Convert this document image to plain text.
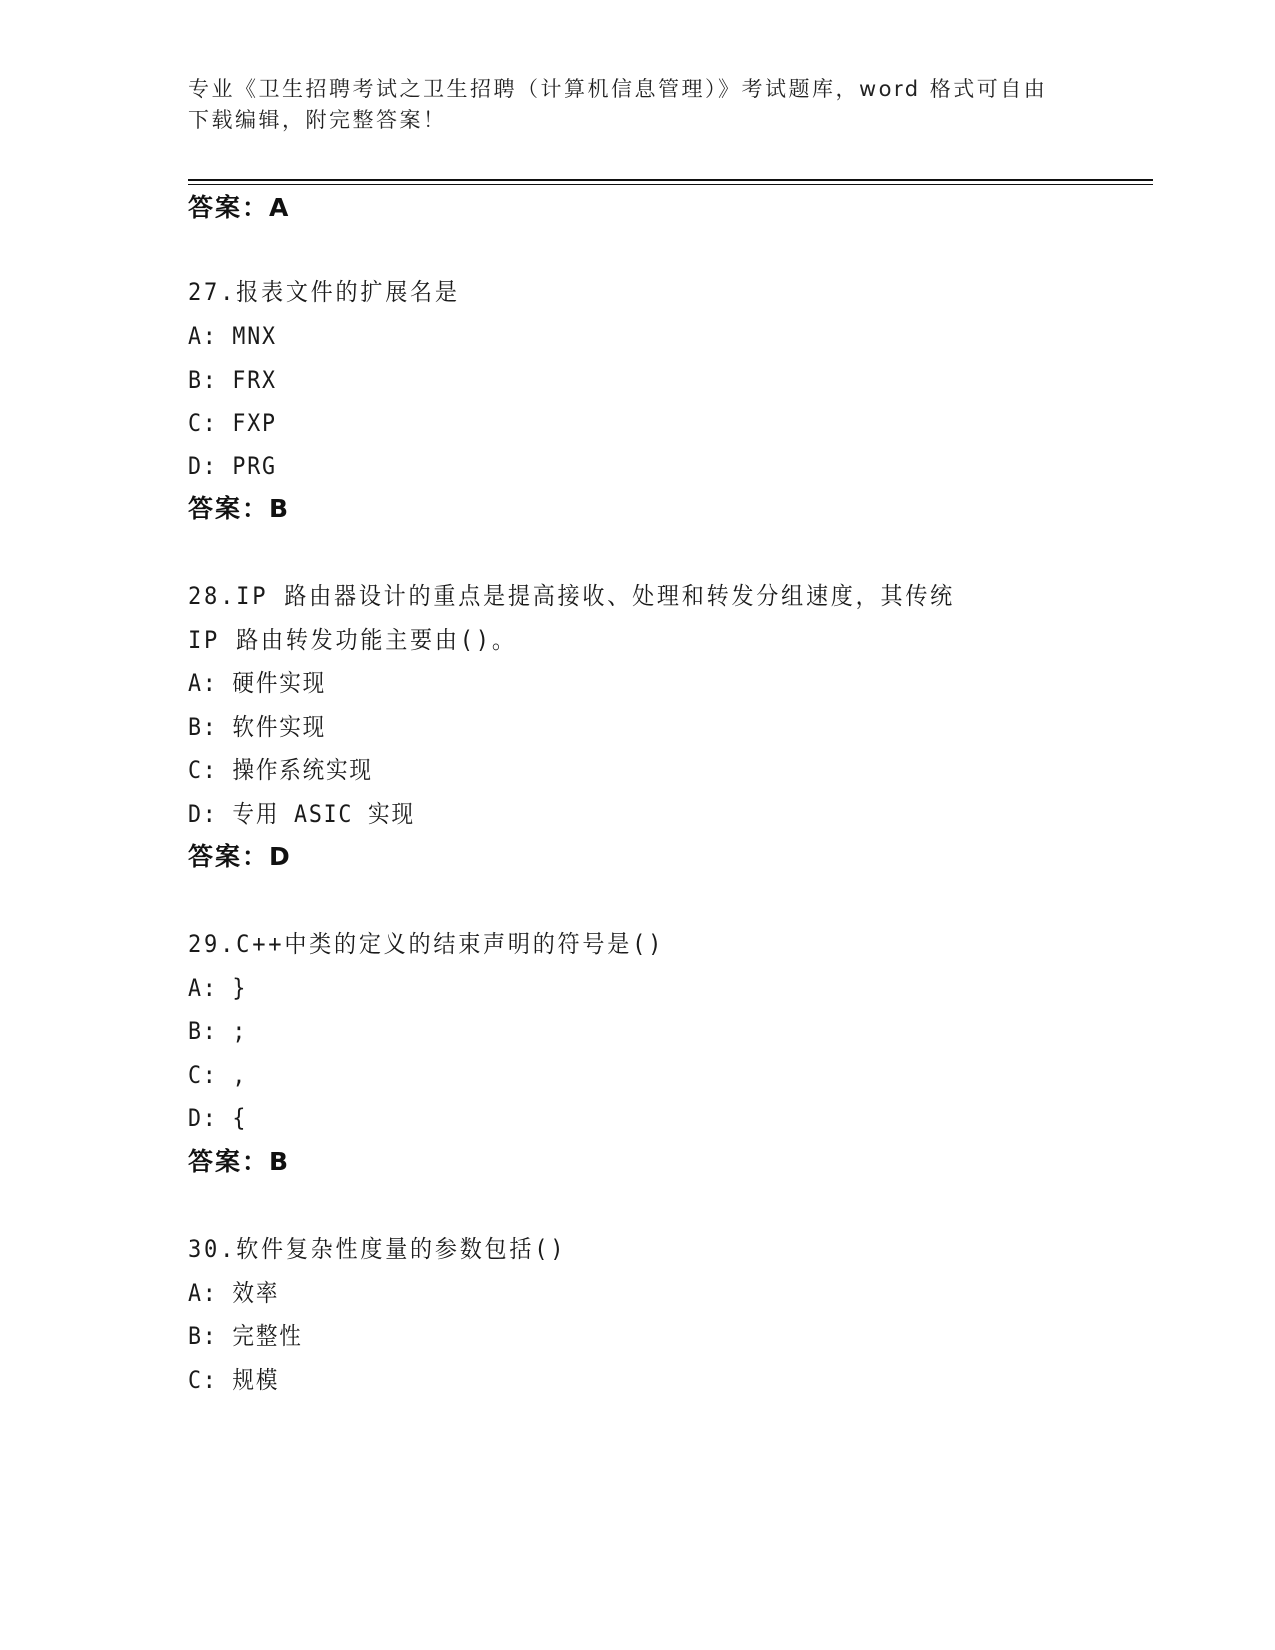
专业《卫生招聘考试之卫生招聘（计算机信息管理）》考试题库，word 格式可自由下载编辑，附完整答案！
答案：A
27.报表文件的扩展名是
A: MNX
B: FRX
C: FXP
D: PRG
答案：B
28.IP 路由器设计的重点是提高接收、处理和转发分组速度，其传统
IP 路由转发功能主要由()。
A: 硬件实现
B: 软件实现
C: 操作系统实现
D: 专用 ASIC 实现
答案：D
29.C++中类的定义的结束声明的符号是()
A: }
B: ;
C: ,
D: {
答案：B
30.软件复杂性度量的参数包括()
A: 效率
B: 完整性
C: 规模
